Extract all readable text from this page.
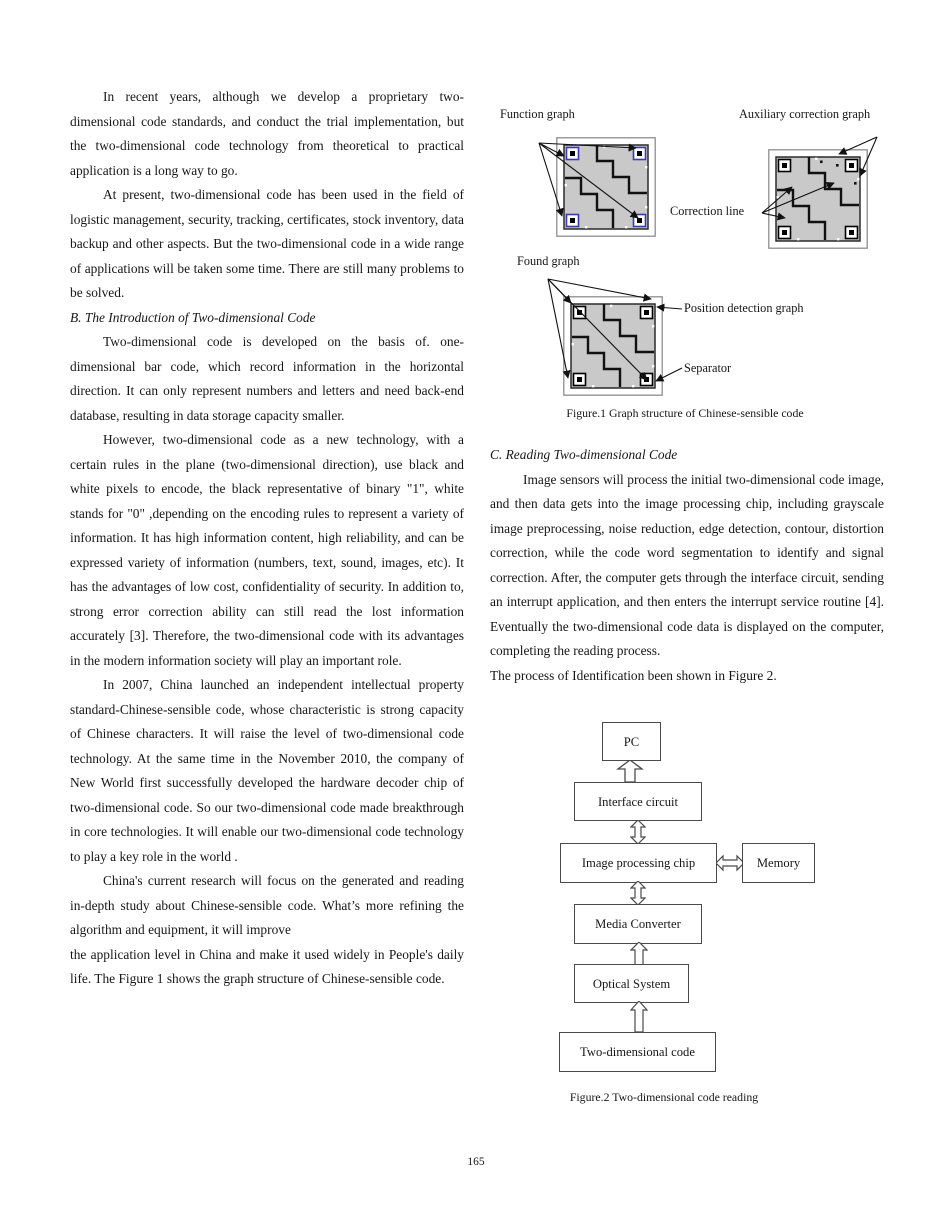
In recent years, although we develop a proprietary two-dimensional code standards, and conduct the trial implementation, but the two-dimensional code technology from theoretical to practical application is a long way to go.

At present, two-dimensional code has been used in the field of logistic management, security, tracking, certificates, stock inventory, data backup and other aspects. But the two-dimensional code in a wide range of applications will be taken some time. There are still many problems to be solved.

B. The Introduction of Two-dimensional Code

Two-dimensional code is developed on the basis of. one-dimensional bar code, which record information in the horizontal direction. It can only represent numbers and letters and need back-end database, resulting in data storage capacity smaller.

However, two-dimensional code as a new technology, with a certain rules in the plane (two-dimensional direction), use black and white pixels to encode, the black representative of binary "1", white stands for "0" ,depending on the encoding rules to represent a variety of information. It has high information content, high reliability, and can be expressed variety of information (numbers, text, sound, images, etc). It has the advantages of low cost, confidentiality of security. In addition to, strong error correction ability can still read the lost information accurately [3]. Therefore, the two-dimensional code with its advantages in the modern information society will play an important role.

In 2007, China launched an independent intellectual property standard-Chinese-sensible code, whose characteristic is strong capacity of Chinese characters. It will raise the level of two-dimensional code technology. At the same time in the November 2010, the company of New World first successfully developed the hardware decoder chip of two-dimensional code. So our two-dimensional code made breakthrough in core technologies. It will enable our two-dimensional code technology to play a key role in the world .

China's current research will focus on the generated and reading in-depth study about Chinese-sensible code. What’s more refining the algorithm and equipment, it will improve

the application level in China and make it used widely in People's daily life. The Figure 1 shows the graph structure of Chinese-sensible code.

Function graph	Auxiliary correction graph
Correction line
Found graph
Position detection graph
Separator
Figure.1 Graph structure of Chinese-sensible code

C. Reading Two-dimensional Code

Image sensors will process the initial two-dimensional code image, and then data gets into the image processing chip, including grayscale image preprocessing, noise reduction, edge detection, contour, distortion correction, while the code word segmentation to identify and signal correction. After, the computer gets through the interface circuit, sending an interrupt application, and then enters the interrupt service routine [4]. Eventually the two-dimensional code data is displayed on the computer, completing the reading process.

The process of Identification been shown in Figure 2.

PC
Interface circuit
Image processing chip	Memory
Media Converter
Optical System
Two-dimensional code
Figure.2 Two-dimensional code reading
165
